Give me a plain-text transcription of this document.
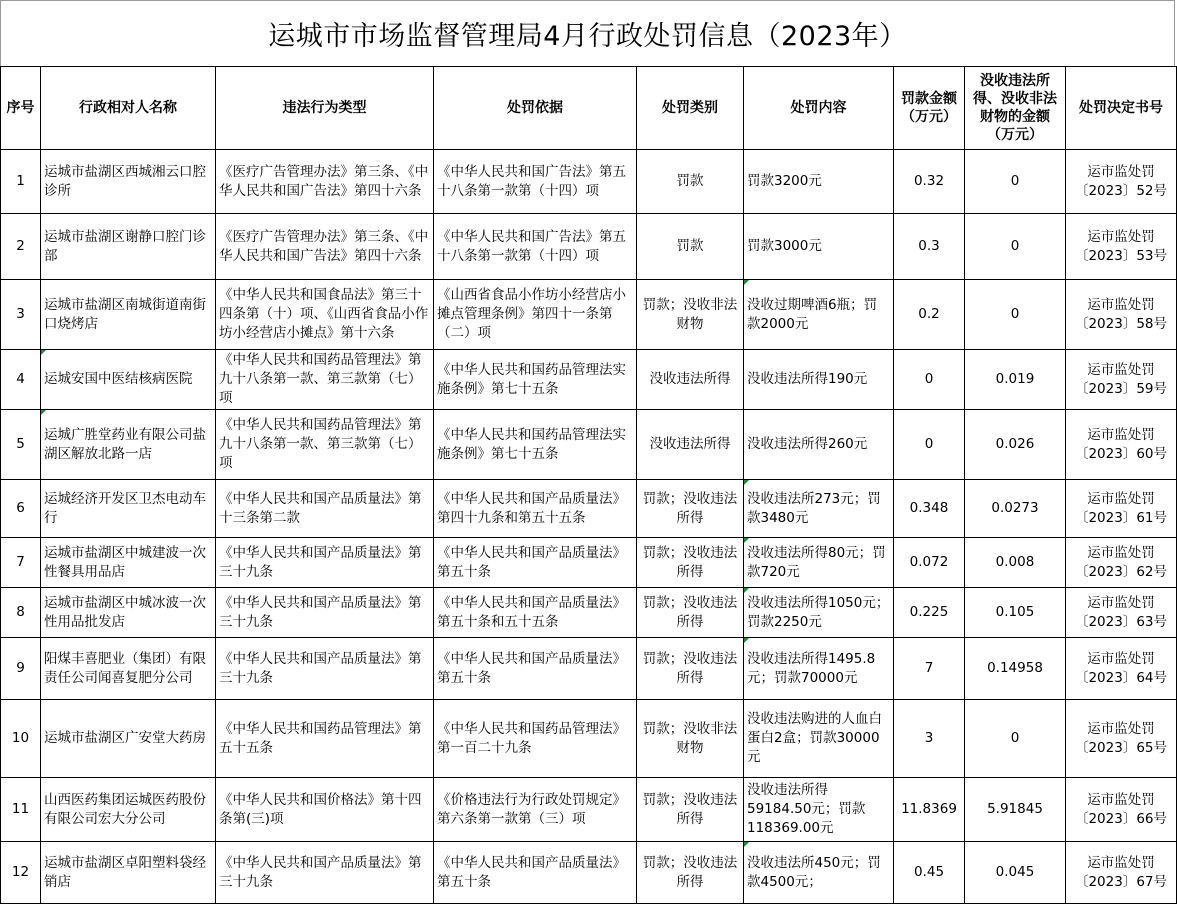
运城市市场监督管理局4月行政处罚信息（2023年）
序号	行政相对人名称	违法行为类型	处罚依据	处罚类别	处罚内容	罚款金额（万元）	没收违法所得、没收非法财物的金额（万元）	处罚决定书号
1	运城市盐湖区西城湘云口腔诊所	《医疗广告管理办法》第三条、《中华人民共和国广告法》第四十六条	《中华人民共和国广告法》第五十八条第一款第（十四）项	罚款	罚款3200元	0.32	0	运市监处罚〔2023〕52号
2	运城市盐湖区谢静口腔门诊部	《医疗广告管理办法》第三条、《中华人民共和国广告法》第四十六条	《中华人民共和国广告法》第五十八条第一款第（十四）项	罚款	罚款3000元	0.3	0	运市监处罚〔2023〕53号
3	运城市盐湖区南城街道南街口烧烤店	《中华人民共和国食品法》第三十四条第（十）项、《山西省食品小作坊小经营店小摊点》第十六条	《山西省食品小作坊小经营店小摊点管理条例》第四十一条第（二）项	罚款；没收非法财物	没收过期啤酒6瓶；罚款2000元	0.2	0	运市监处罚〔2023〕58号
4	运城安国中医结核病医院	《中华人民共和国药品管理法》第九十八条第一款、第三款第（七）项	《中华人民共和国药品管理法实施条例》第七十五条	没收违法所得	没收违法所得190元	0	0.019	运市监处罚〔2023〕59号
5	运城广胜堂药业有限公司盐湖区解放北路一店	《中华人民共和国药品管理法》第九十八条第一款、第三款第（七）项	《中华人民共和国药品管理法实施条例》第七十五条	没收违法所得	没收违法所得260元	0	0.026	运市监处罚〔2023〕60号
6	运城经济开发区卫杰电动车行	《中华人民共和国产品质量法》第十三条第二款	《中华人民共和国产品质量法》第四十九条和第五十五条	罚款；没收违法所得	没收违法所273元；罚款3480元	0.348	0.0273	运市监处罚〔2023〕61号
7	运城市盐湖区中城建波一次性餐具用品店	《中华人民共和国产品质量法》第三十九条	《中华人民共和国产品质量法》第五十条	罚款；没收违法所得	没收违法所得80元；罚款720元	0.072	0.008	运市监处罚〔2023〕62号
8	运城市盐湖区中城冰波一次性用品批发店	《中华人民共和国产品质量法》第三十九条	《中华人民共和国产品质量法》第五十条和五十五条	罚款；没收违法所得	没收违法所得1050元；罚款2250元	0.225	0.105	运市监处罚〔2023〕63号
9	阳煤丰喜肥业（集团）有限责任公司闻喜复肥分公司	《中华人民共和国产品质量法》第三十九条	《中华人民共和国产品质量法》第五十条	罚款；没收违法所得	没收违法所得1495.8元；罚款70000元	7	0.14958	运市监处罚〔2023〕64号
10	运城市盐湖区广安堂大药房	《中华人民共和国药品管理法》第五十五条	《中华人民共和国药品管理法》第一百二十九条	罚款；没收非法财物	没收违法购进的人血白蛋白2盒；罚款30000元	3	0	运市监处罚〔2023〕65号
11	山西医药集团运城医药股份有限公司宏大分公司	《中华人民共和国价格法》第十四条第(三)项	《价格违法行为行政处罚规定》第六条第一款第（三）项	罚款；没收违法所得	没收违法所得59184.50元；罚款118369.00元	11.8369	5.91845	运市监处罚〔2023〕66号
12	运城市盐湖区卓阳塑料袋经销店	《中华人民共和国产品质量法》第三十九条	《中华人民共和国产品质量法》第五十条	罚款；没收违法所得	没收违法所450元；罚款4500元；	0.45	0.045	运市监处罚〔2023〕67号
